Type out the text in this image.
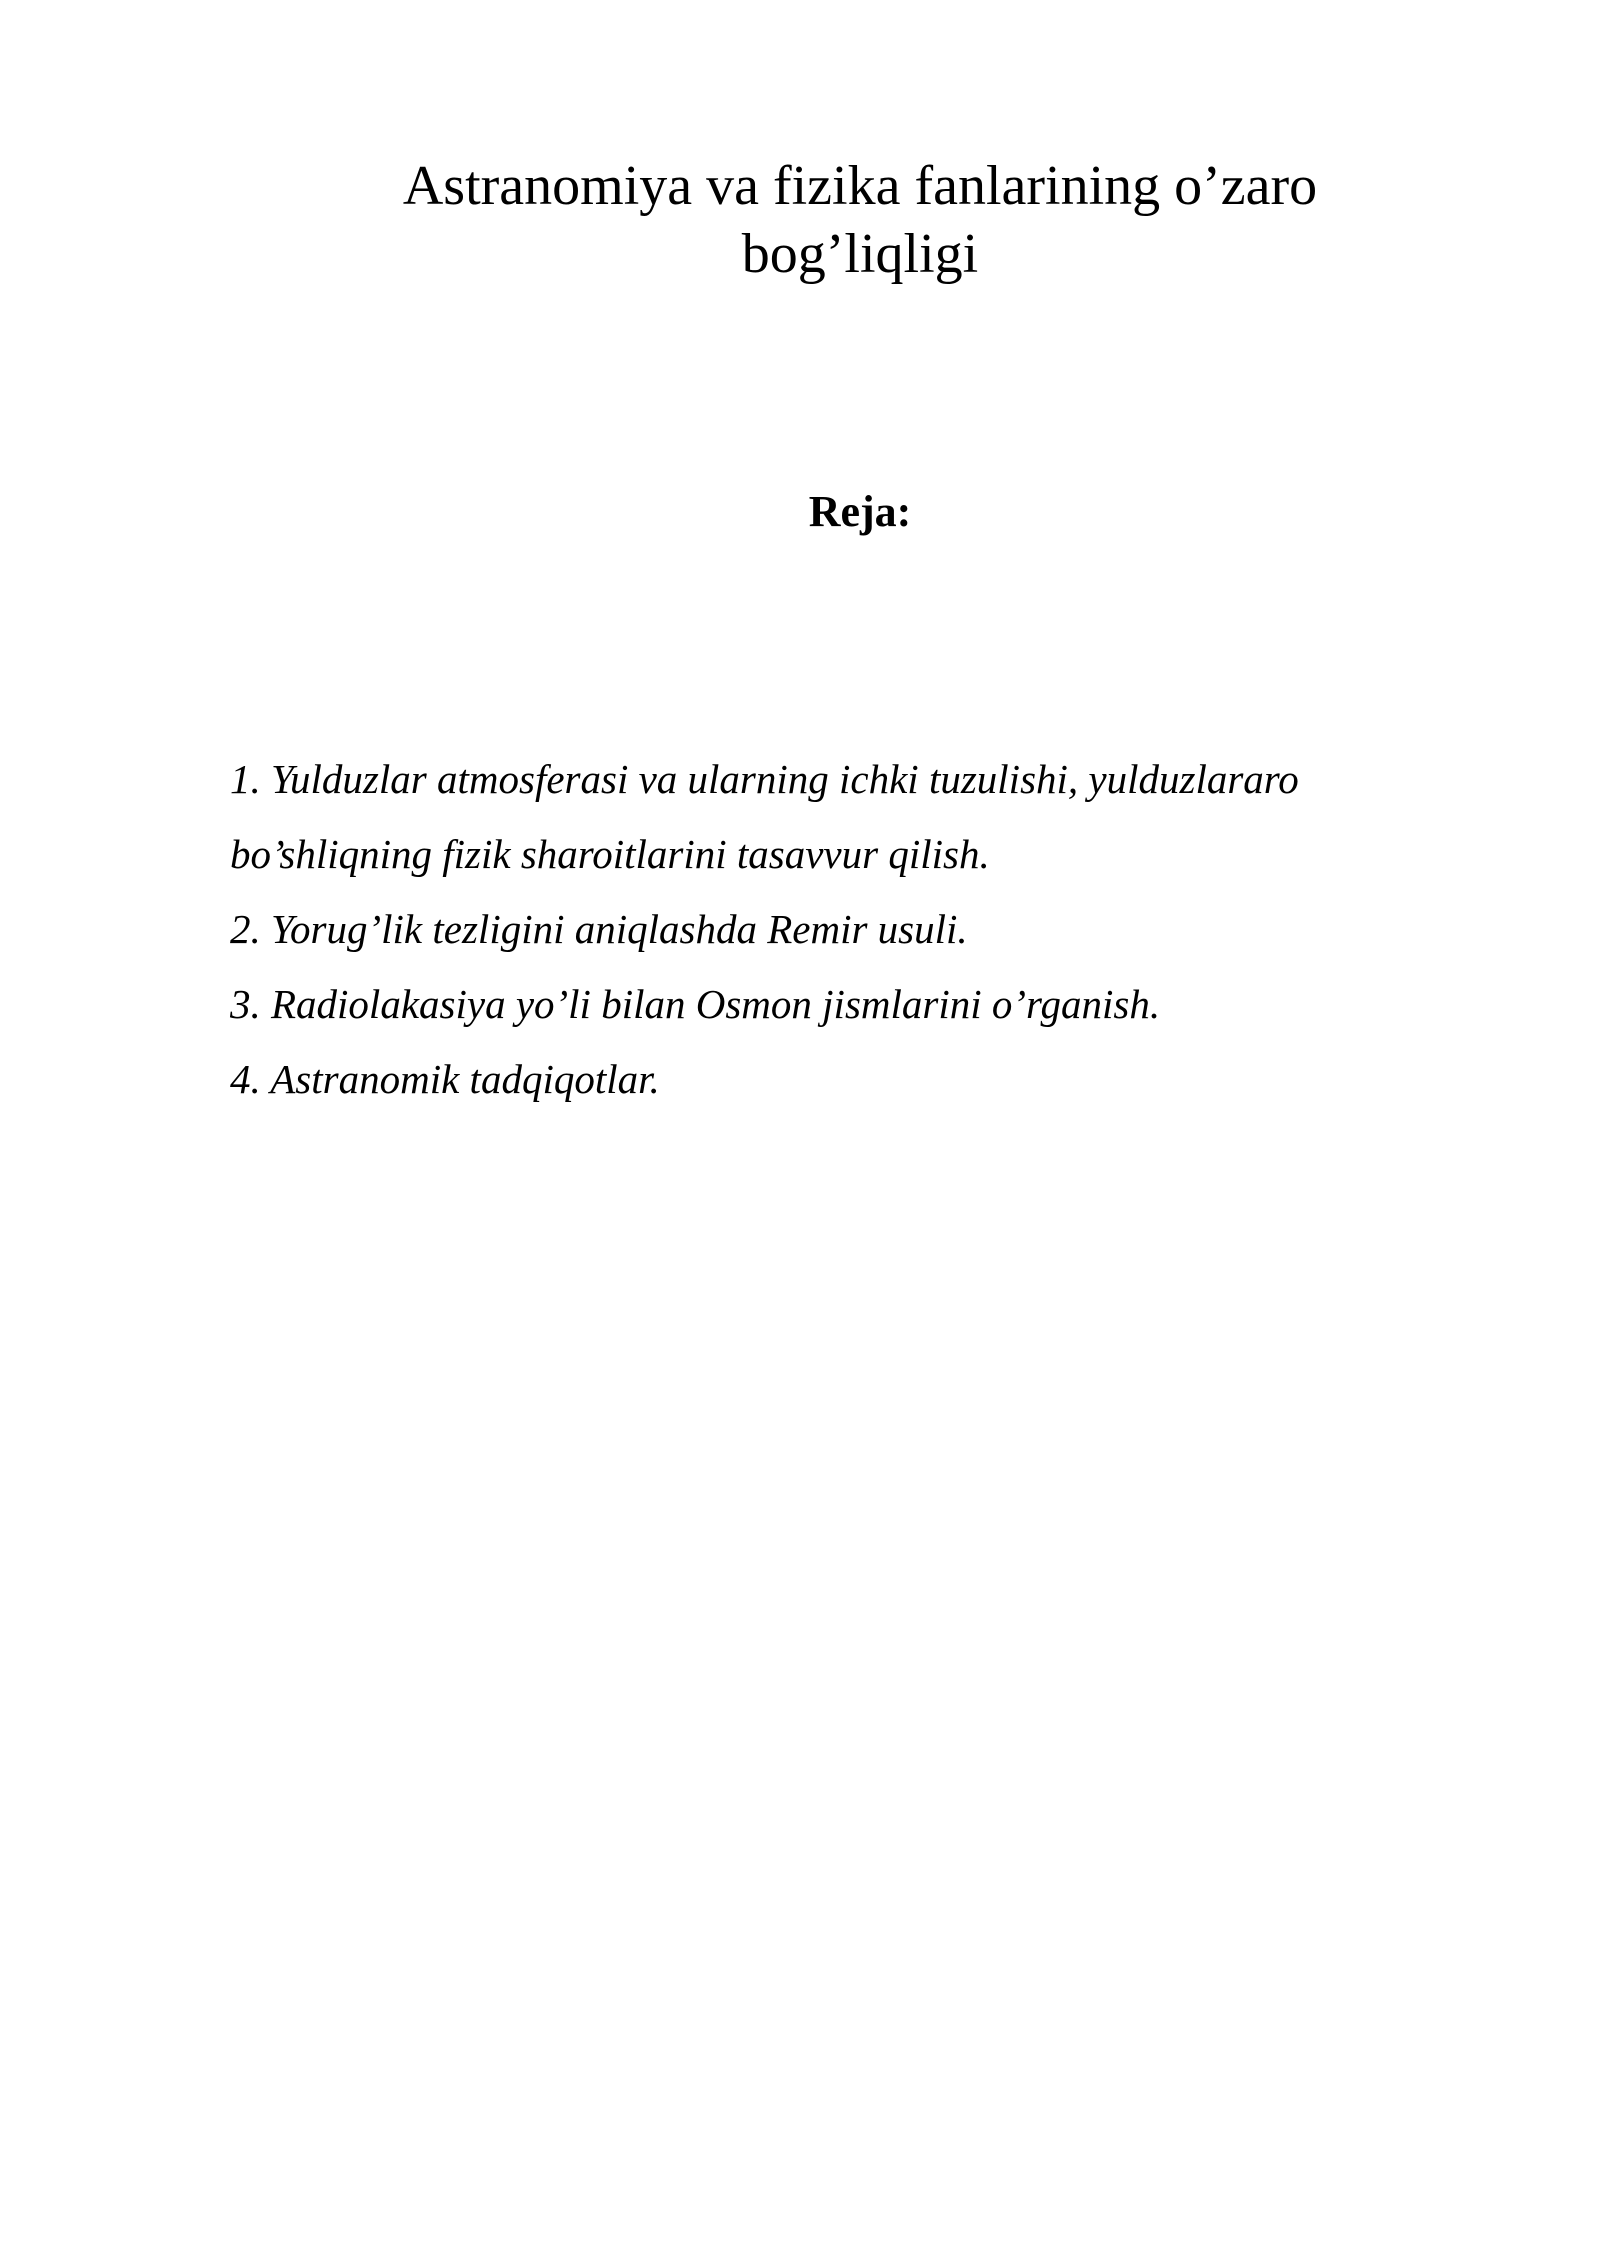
Astranomiya va fizika fanlarining o’zaro
bog’liqligi
Reja:
1. Yulduzlar atmosferasi va ularning ichki tuzulishi, yulduzlararo
bo’shliqning fizik sharoitlarini tasavvur qilish.
2. Yorug’lik tezligini aniqlashda Remir usuli.
3. Radiolakasiya yo’li bilan Osmon jismlarini o’rganish.
4. Astranomik tadqiqotlar.
